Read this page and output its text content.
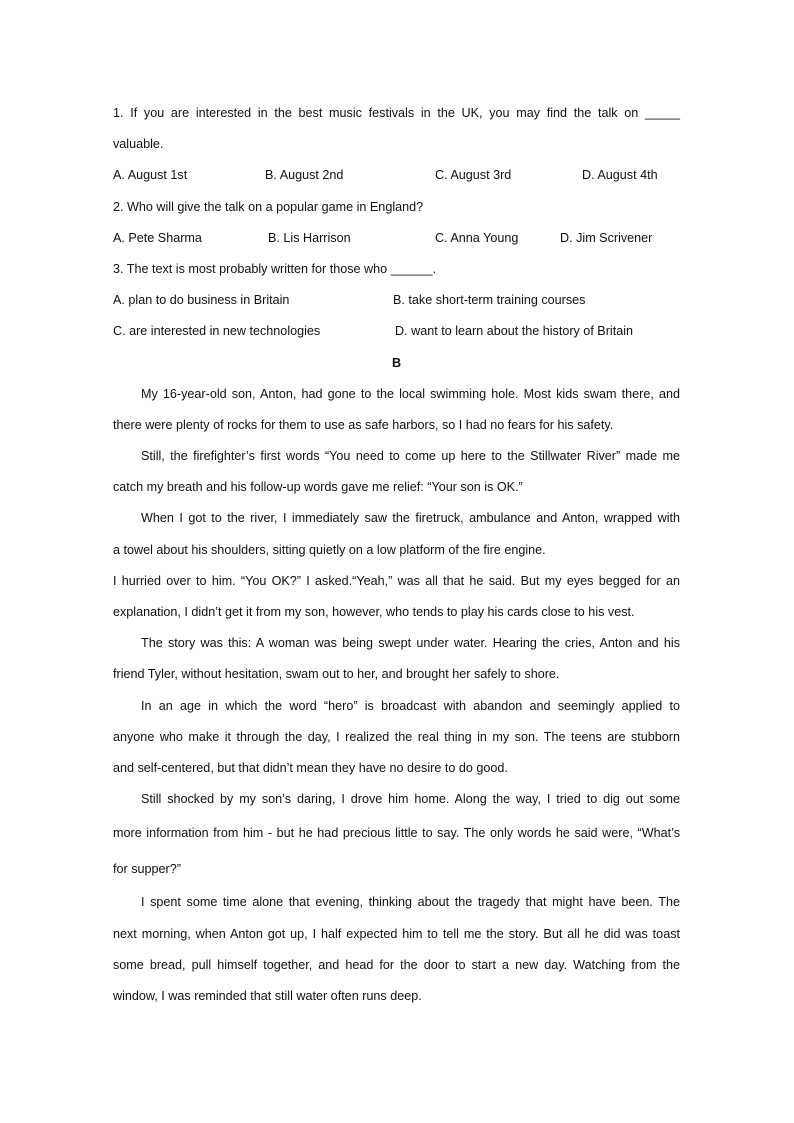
1. If you are interested in the best music festivals in the UK, you may find the talk on _____
valuable.
A. August 1st	B. August 2nd	C. August 3rd	D. August 4th
2. Who will give the talk on a popular game in England?
A. Pete Sharma	B. Lis Harrison	C. Anna Young	D. Jim Scrivener
3. The text is most probably written for those who ______.
A. plan to do business in Britain	B. take short-term training courses
C. are interested in new technologies	D. want to learn about the history of Britain
B
My 16-year-old son, Anton, had gone to the local swimming hole. Most kids swam there, and
there were plenty of rocks for them to use as safe harbors, so I had no fears for his safety.
Still, the firefighter’s first words “You need to come up here to the Stillwater River” made me
catch my breath and his follow-up words gave me relief: “Your son is OK.”
When I got to the river, I immediately saw the firetruck, ambulance and Anton, wrapped with
a towel about his shoulders, sitting quietly on a low platform of the fire engine.
I hurried over to him. “You OK?” I asked.“Yeah,” was all that he said. But my eyes begged for an
explanation, I didn’t get it from my son, however, who tends to play his cards close to his vest.
The story was this: A woman was being swept under water. Hearing the cries, Anton and his
friend Tyler, without hesitation, swam out to her, and brought her safely to shore.
In an age in which the word “hero” is broadcast with abandon and seemingly applied to
anyone who make it through the day, I realized the real thing in my son. The teens are stubborn
and self-centered, but that didn’t mean they have no desire to do good.
Still shocked by my son’s daring, I drove him home. Along the way, I tried to dig out some
more information from him - but he had precious little to say. The only words he said were, “What’s
for supper?”
I spent some time alone that evening, thinking about the tragedy that might have been. The
next morning, when Anton got up, I half expected him to tell me the story. But all he did was toast
some bread, pull himself together, and head for the door to start a new day. Watching from the
window, I was reminded that still water often runs deep.
